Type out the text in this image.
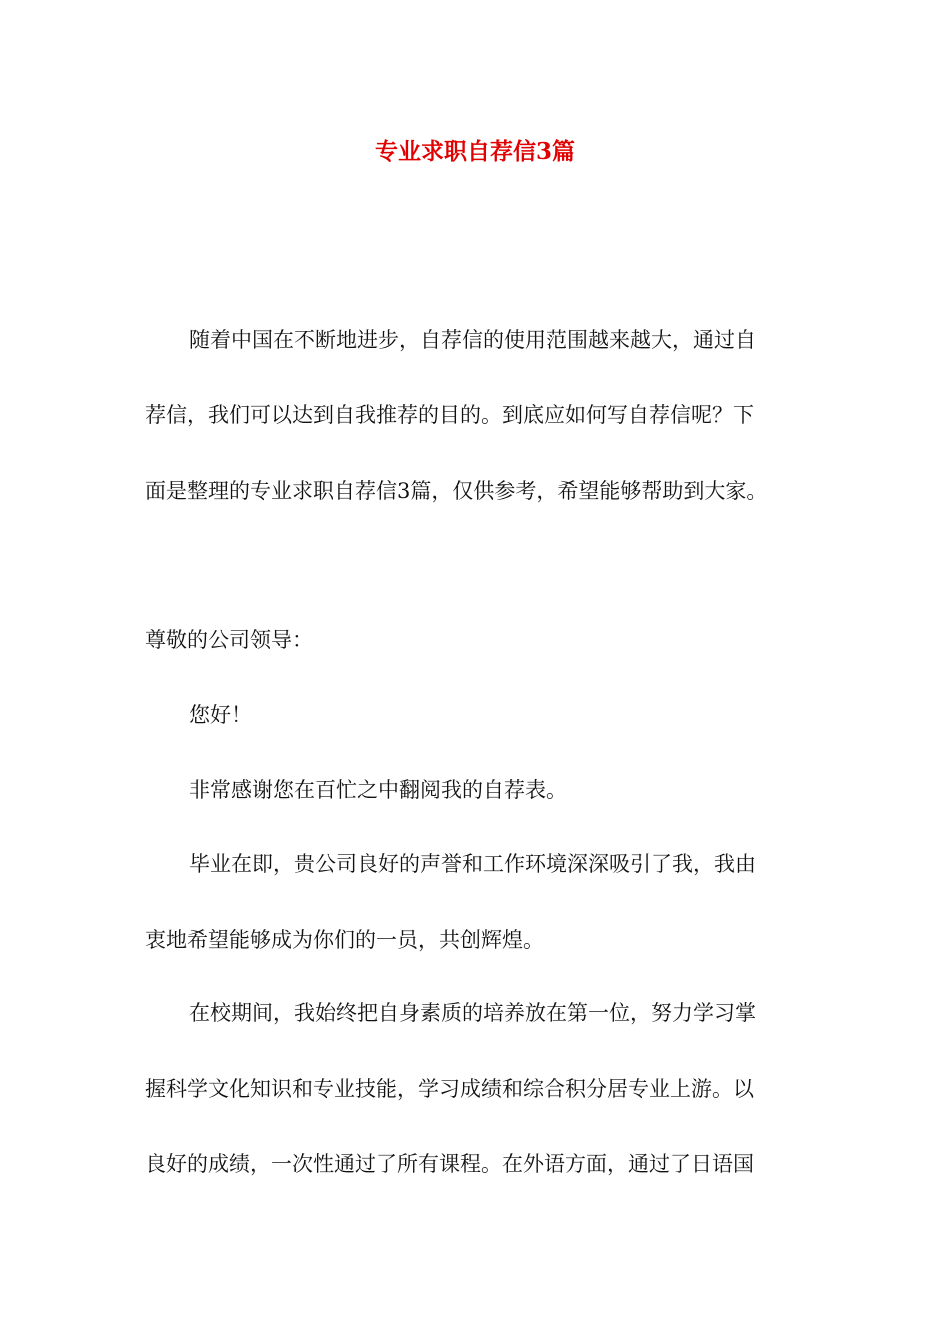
专业求职自荐信3篇
随着中国在不断地进步，自荐信的使用范围越来越大，通过自
荐信，我们可以达到自我推荐的目的。到底应如何写自荐信呢？下
面是整理的专业求职自荐信3篇，仅供参考，希望能够帮助到大家。
尊敬的公司领导：
您好！
非常感谢您在百忙之中翻阅我的自荐表。
毕业在即，贵公司良好的声誉和工作环境深深吸引了我，我由
衷地希望能够成为你们的一员，共创辉煌。
在校期间，我始终把自身素质的培养放在第一位，努力学习掌
握科学文化知识和专业技能，学习成绩和综合积分居专业上游。以
良好的成绩，一次性通过了所有课程。在外语方面，通过了日语国
